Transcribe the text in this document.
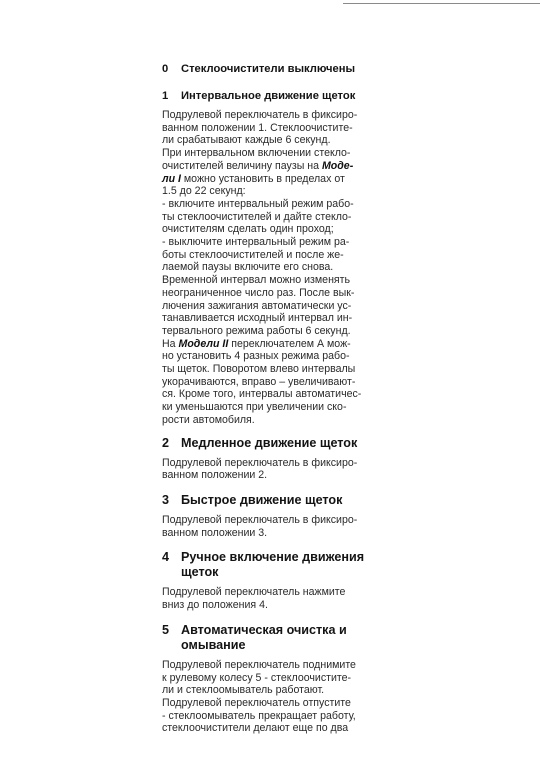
0	Стеклоочистители выключены
1	Интервальное движение щеток
Подрулевой переключатель в фиксиро-
ванном положении 1. Стеклоочистите-
ли срабатывают каждые 6 секунд.
При интервальном включении стекло-
очистителей величину паузы на Моде-
ли I можно установить в пределах от
1.5 до 22 секунд:
- включите интервальный режим рабо-
ты стеклоочистителей и дайте стекло-
очистителям сделать один проход;
- выключите интервальный режим ра-
боты стеклоочистителей и после же-
лаемой паузы включите его снова.
Временной интервал можно изменять
неограниченное число раз. После вык-
лючения зажигания автоматически ус-
танавливается исходный интервал ин-
тервального режима работы 6 секунд.
На Модели II переключателем А мож-
но установить 4 разных режима рабо-
ты щеток. Поворотом влево интервалы
укорачиваются, вправо – увеличивают-
ся. Кроме того, интервалы автоматичес-
ки уменьшаются при увеличении ско-
рости автомобиля.
2 Медленное движение щеток
Подрулевой переключатель в фиксиро-
ванном положении 2.
3 Быстрое движение щеток
Подрулевой переключатель в фиксиро-
ванном положении 3.
4 Ручное включение движения
щеток
Подрулевой переключатель нажмите
вниз до положения 4.
5 Автоматическая очистка и
омывание
Подрулевой переключатель поднимите
к рулевому колесу 5 - стеклоочистите-
ли и стеклоомыватель работают.
Подрулевой переключатель отпустите
- стеклоомыватель прекращает работу,
стеклоочистители делают еще по два
